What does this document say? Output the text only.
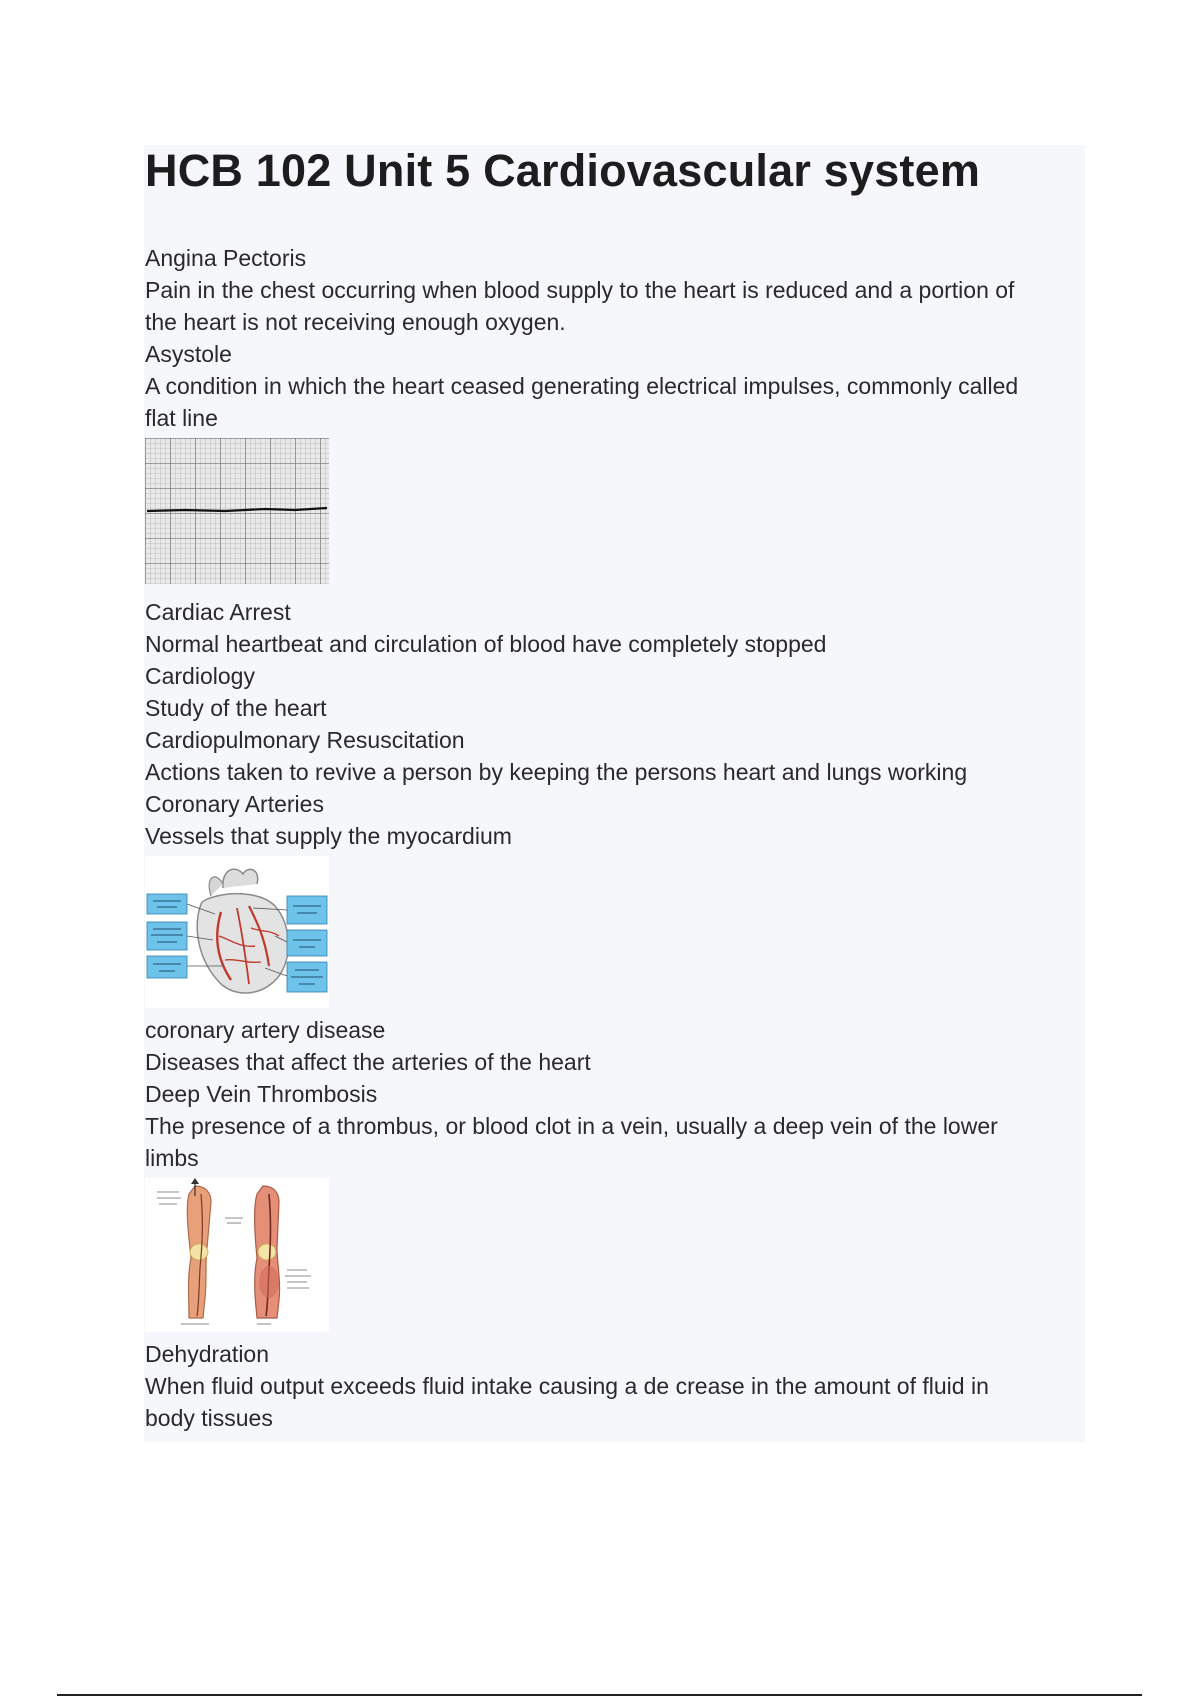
HCB 102 Unit 5 Cardiovascular system

Angina Pectoris

Pain in the chest occurring when blood supply to the heart is reduced and a portion of

the heart is not receiving enough oxygen.

Asystole

A condition in which the heart ceased generating electrical impulses, commonly called

flat line

Cardiac Arrest

Normal heartbeat and circulation of blood have completely stopped

Cardiology

Study of the heart

Cardiopulmonary Resuscitation

Actions taken to revive a person by keeping the persons heart and lungs working

Coronary Arteries

Vessels that supply the myocardium

coronary artery disease

Diseases that affect the arteries of the heart

Deep Vein Thrombosis

The presence of a thrombus, or blood clot in a vein, usually a deep vein of the lower

limbs

Dehydration

When fluid output exceeds fluid intake causing a de crease in the amount of fluid in

body tissues
